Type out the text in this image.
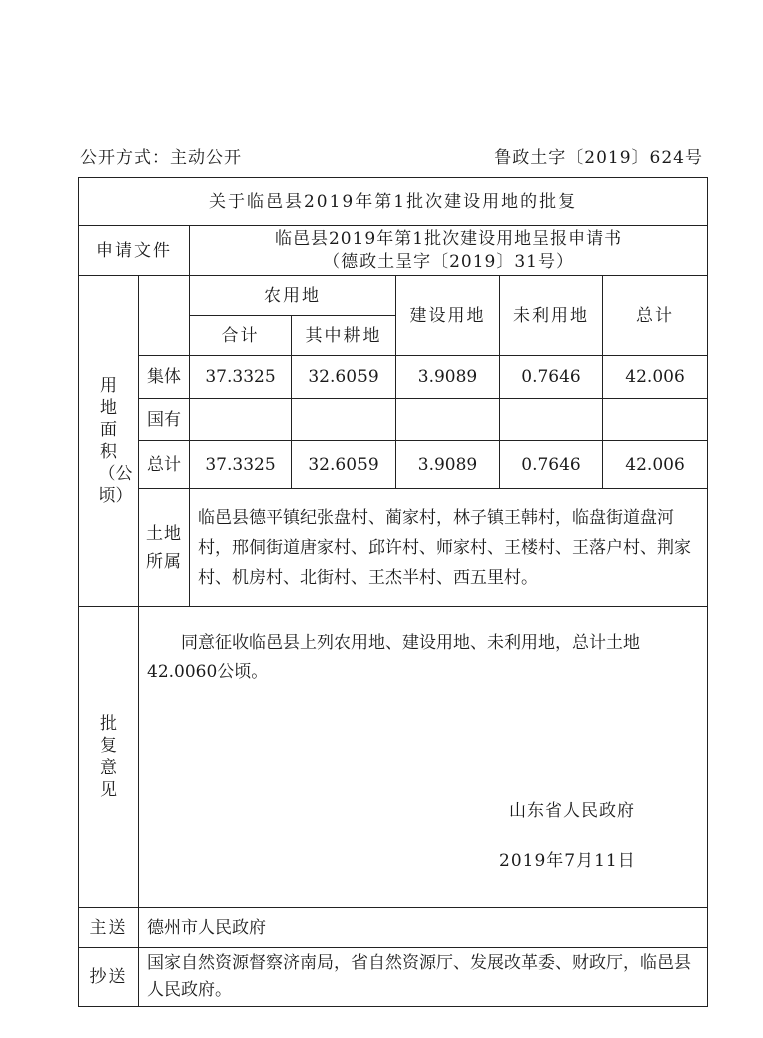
公开方式：主动公开	鲁政土字〔2019〕624号
关于临邑县2019年第1批次建设用地的批复						
申请文件		临邑县2019年第1批次建设用地呈报申请书
（德政土呈字〔2019〕31号）				

用地面积（公顷）		农用地		建设用地	未利用地	总计
		合计	其中耕地			
	集体	37.3325	32.6059	3.9089	0.7646	42.006
	国有					
	总计	37.3325	32.6059	3.9089	0.7646	42.006
	土地所属	临邑县德平镇纪张盘村、蔺家村，林子镇王韩村，临盘街道盘河村，邢侗街道唐家村、邱许村、师家村、王楼村、王落户村、荆家村、机房村、北街村、王杰半村、西五里村。				
批复意见	同意征收临邑县上列农用地、建设用地、未利用地，总计土地42.0060公顷。
山东省人民政府
2019年7月11日					

主送	德州市人民政府					
抄送	国家自然资源督察济南局，省自然资源厅、发展改革委、财政厅，临邑县人民政府。					
